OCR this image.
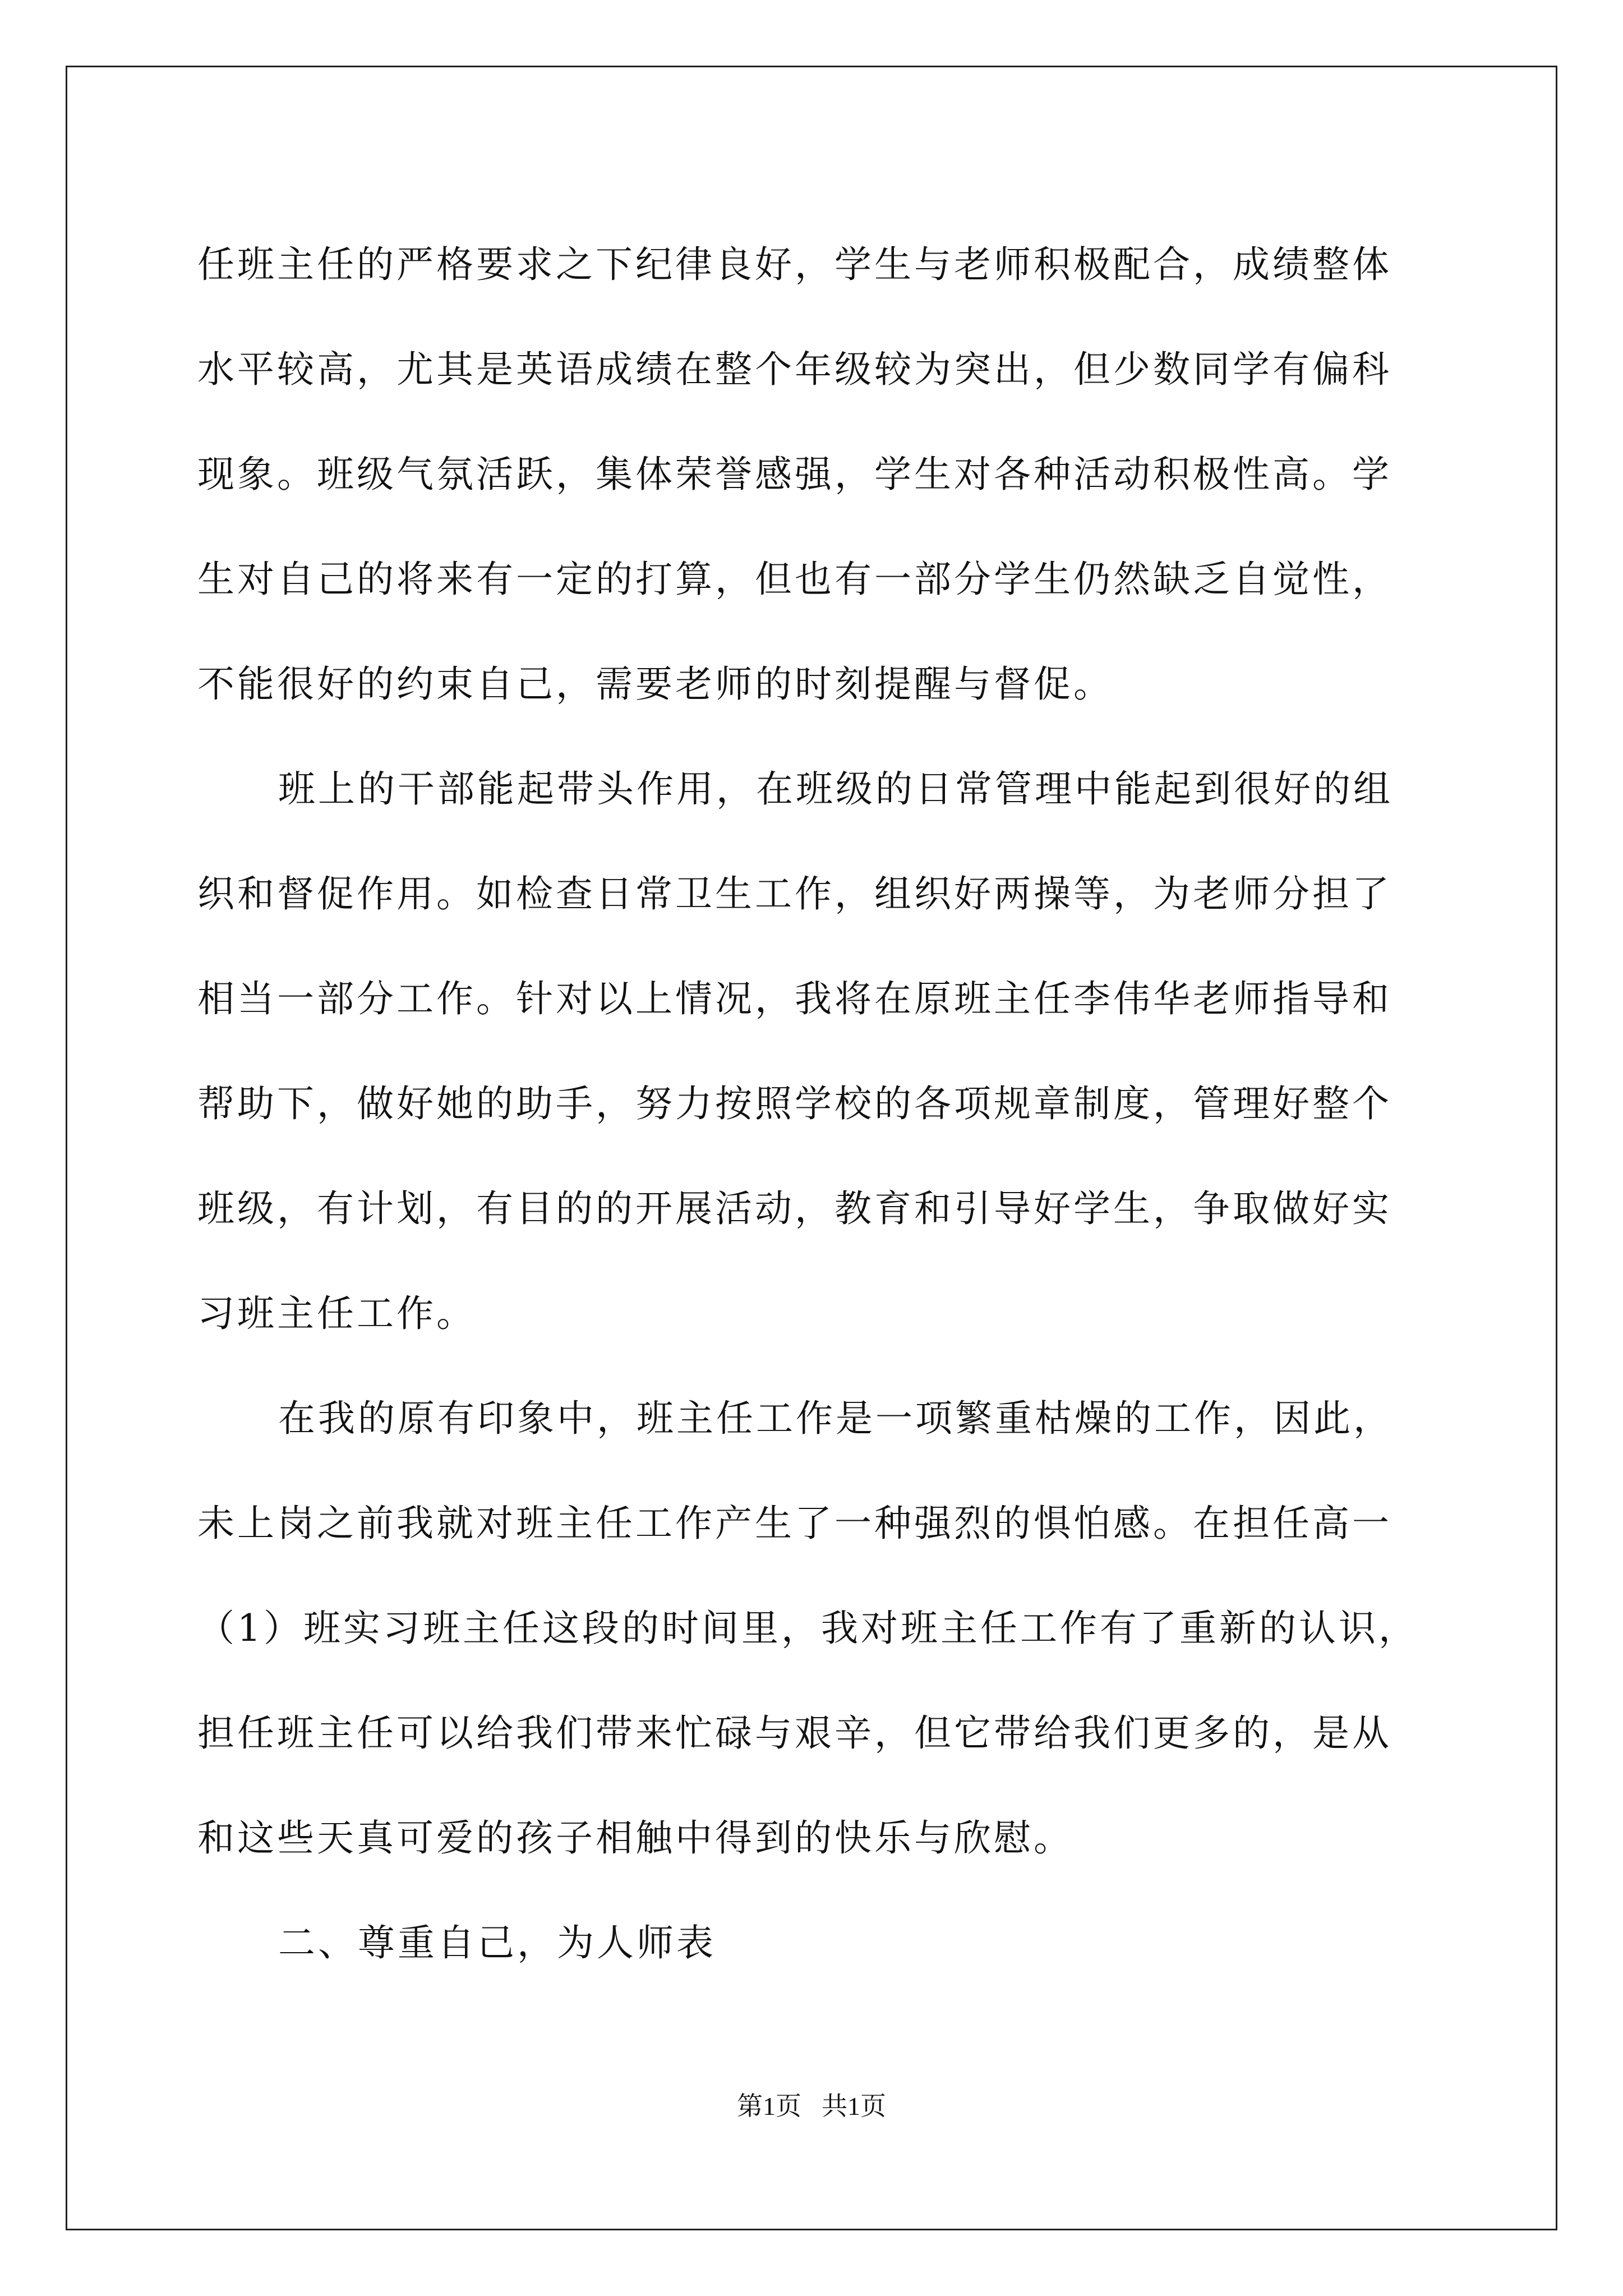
任班主任的严格要求之下纪律良好，学生与老师积极配合，成绩整体

水平较高，尤其是英语成绩在整个年级较为突出，但少数同学有偏科

现象。班级气氛活跃，集体荣誉感强，学生对各种活动积极性高。学

生对自己的将来有一定的打算，但也有一部分学生仍然缺乏自觉性，

不能很好的约束自己，需要老师的时刻提醒与督促。

班上的干部能起带头作用，在班级的日常管理中能起到很好的组

织和督促作用。如检查日常卫生工作，组织好两操等，为老师分担了

相当一部分工作。针对以上情况，我将在原班主任李伟华老师指导和

帮助下，做好她的助手，努力按照学校的各项规章制度，管理好整个

班级，有计划，有目的的开展活动，教育和引导好学生，争取做好实

习班主任工作。

在我的原有印象中，班主任工作是一项繁重枯燥的工作，因此，

未上岗之前我就对班主任工作产生了一种强烈的惧怕感。在担任高一

（1）班实习班主任这段的时间里，我对班主任工作有了重新的认识，

担任班主任可以给我们带来忙碌与艰辛，但它带给我们更多的，是从

和这些天真可爱的孩子相触中得到的快乐与欣慰。

二、尊重自己，为人师表

第1页 共1页
